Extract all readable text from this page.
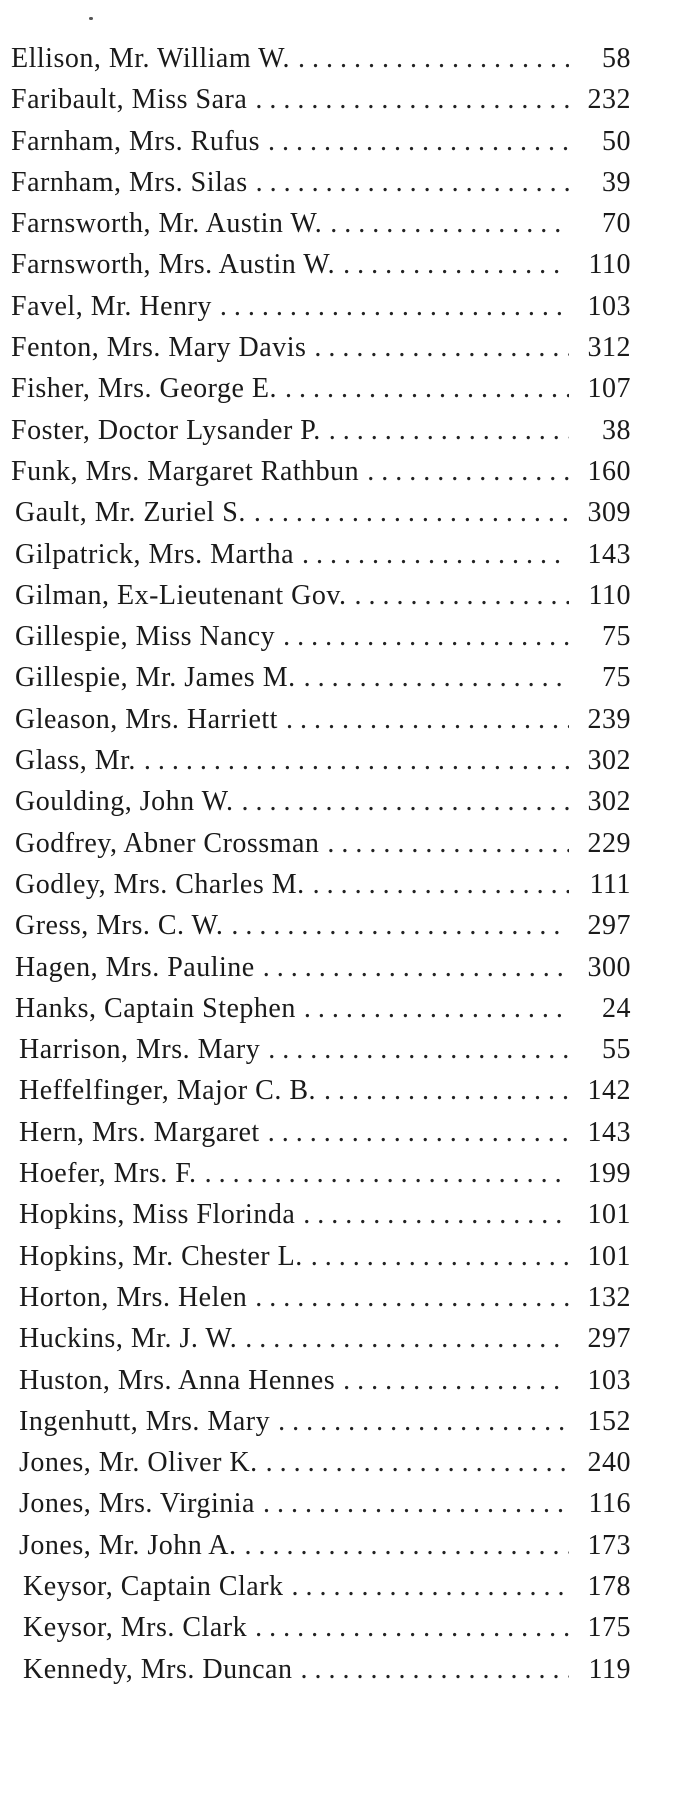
Ellison, Mr. William W. . . .	58
Faribault, Miss Sara . . .	232
Farnham, Mrs. Rufus . . .	50
Farnham, Mrs. Silas . . .	39
Farnsworth, Mr. Austin W. . . .	70
Farnsworth, Mrs. Austin W. . . .	110
Favel, Mr. Henry . . .	103
Fenton, Mrs. Mary Davis . . .	312
Fisher, Mrs. George E. . . .	107
Foster, Doctor Lysander P. . . .	38
Funk, Mrs. Margaret Rathbun . . .	160
Gault, Mr. Zuriel S. . . .	309
Gilpatrick, Mrs. Martha . . .	143
Gilman, Ex-Lieutenant Gov. . . .	110
Gillespie, Miss Nancy . . .	75
Gillespie, Mr. James M. . . .	75
Gleason, Mrs. Harriett . . .	239
Glass, Mr. . . .	302
Goulding, John W. . . .	302
Godfrey, Abner Crossman . . .	229
Godley, Mrs. Charles M. . . .	111
Gress, Mrs. C. W. . . .	297
Hagen, Mrs. Pauline . . .	300
Hanks, Captain Stephen . . .	24
Harrison, Mrs. Mary . . .	55
Heffelfinger, Major C. B. . . .	142
Hern, Mrs. Margaret . . .	143
Hoefer, Mrs. F. . . .	199
Hopkins, Miss Florinda . . .	101
Hopkins, Mr. Chester L. . . .	101
Horton, Mrs. Helen . . .	132
Huckins, Mr. J. W. . . .	297
Huston, Mrs. Anna Hennes . . .	103
Ingenhutt, Mrs. Mary . . .	152
Jones, Mr. Oliver K. . . .	240
Jones, Mrs. Virginia . . .	116
Jones, Mr. John A. . . .	173
Keysor, Captain Clark . . .	178
Keysor, Mrs. Clark . . .	175
Kennedy, Mrs. Duncan . . .	119
